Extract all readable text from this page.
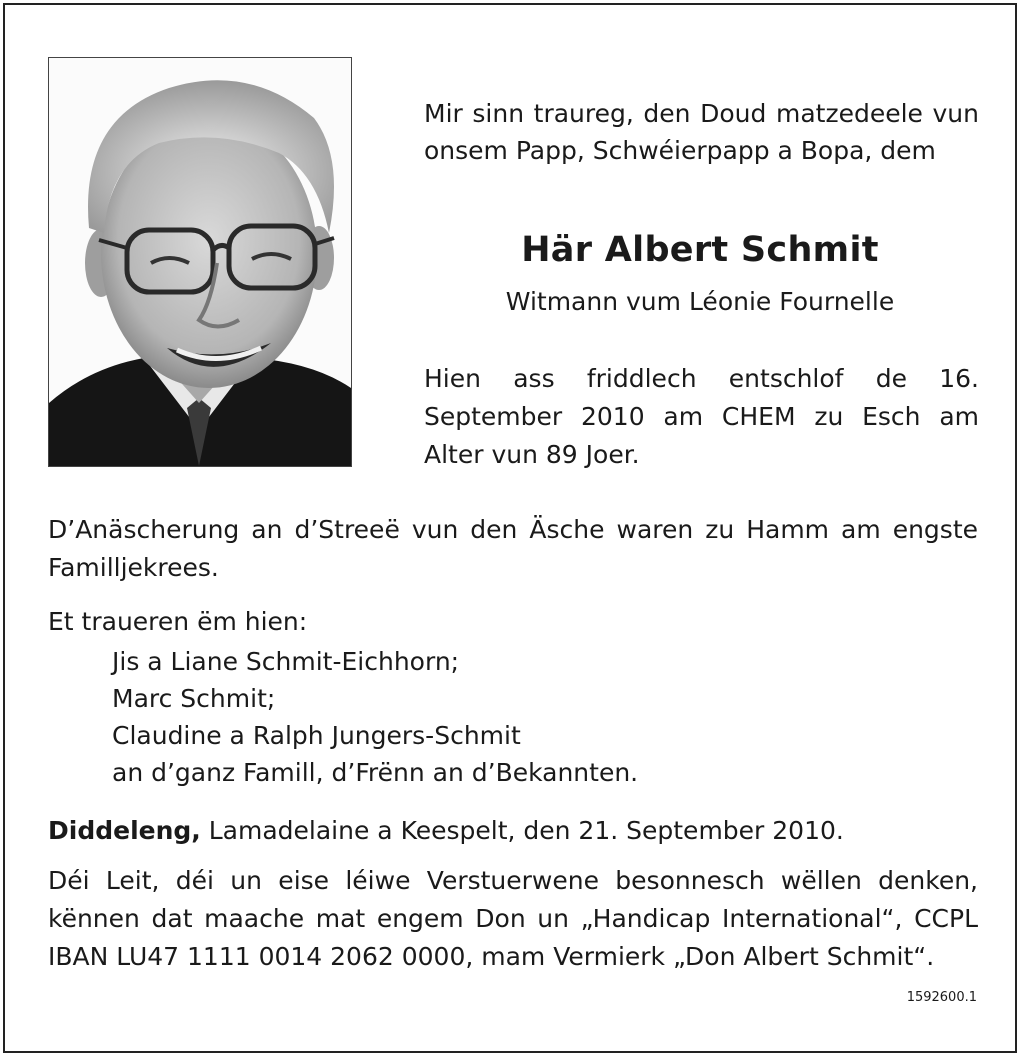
Mir sinn traureg, den Doud matzedeele vun onsem Papp, Schwéierpapp a Bopa, dem

Här Albert Schmit

Witmann vum Léonie Fournelle

Hien ass friddlech entschlof de 16. September 2010 am CHEM zu Esch am Alter vun 89 Joer.

D’Anäscherung an d’Streeë vun den Äsche waren zu Hamm am engste Familljekrees.

Et traueren ëm hien:

Jis a Liane Schmit-Eichhorn;
Marc Schmit;
Claudine a Ralph Jungers-Schmit
an d’ganz Famill, d’Frënn an d’Bekannten.

Diddeleng, Lamadelaine a Keespelt, den 21. September 2010.

Déi Leit, déi un eise léiwe Verstuerwene besonnesch wëllen denken, kënnen dat maache mat engem Don un „Handicap International“, CCPL IBAN LU47 1111 0014 2062 0000, mam Vermierk „Don Albert Schmit“.

1592600.1
